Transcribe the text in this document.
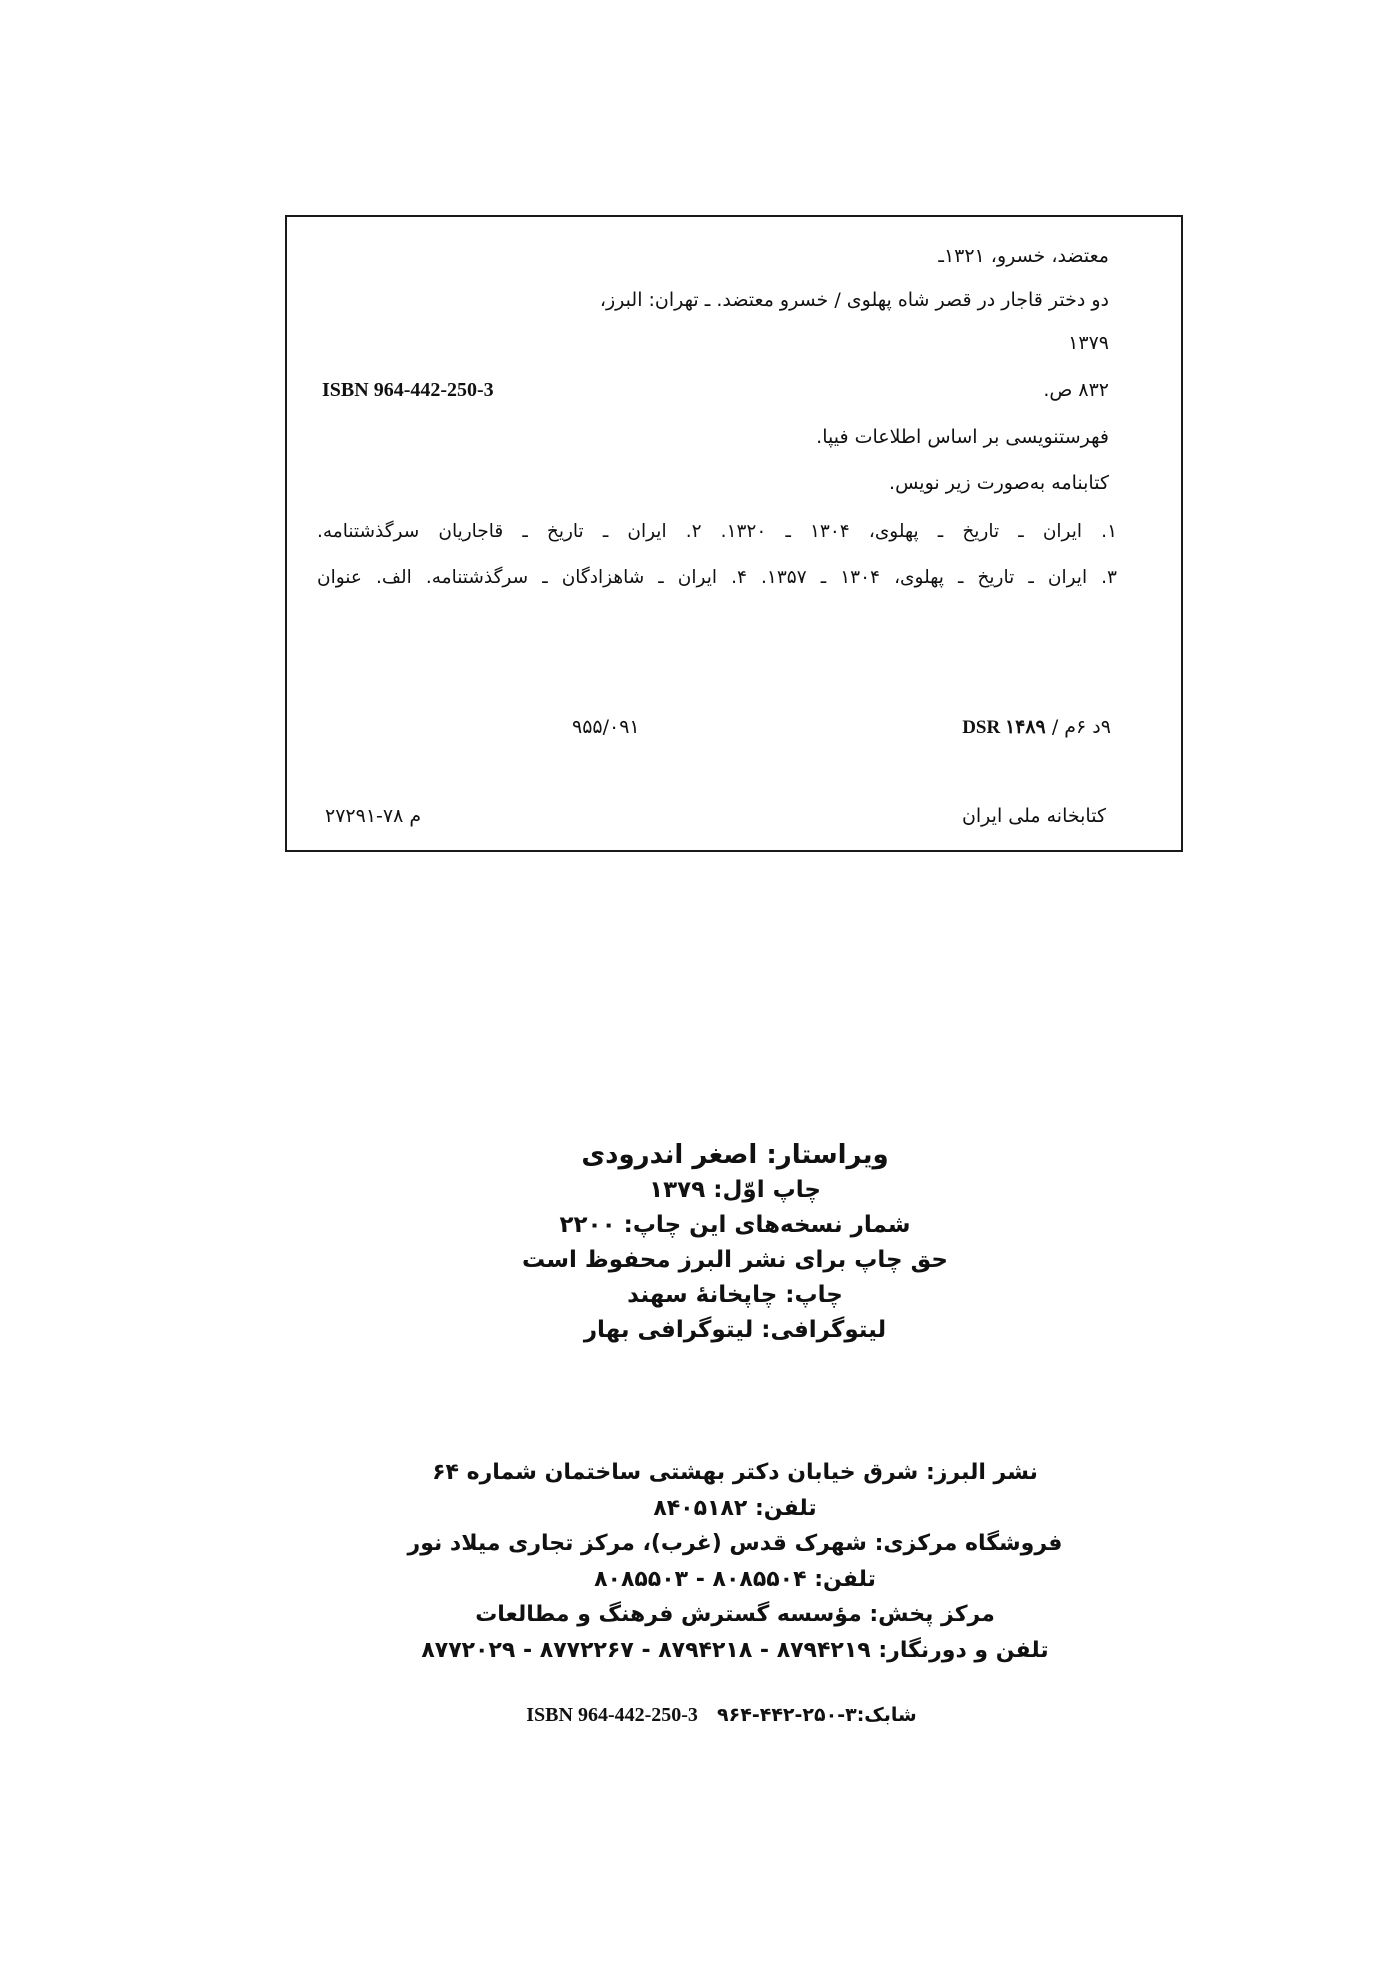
معتضد، خسرو، ۱۳۲۱ـ
دو دختر قاجار در قصر شاه پهلوی / خسرو معتضد. ـ تهران: البرز،
۱۳۷۹
۸۳۲ ص.
ISBN 964-442-250-3
فهرستنویسی بر اساس اطلاعات فیپا.
کتابنامه به‌صورت زیر نویس.
۱. ایران ـ تاریخ ـ پهلوی، ۱۳۰۴ ـ ۱۳۲۰. ۲. ایران ـ تاریخ ـ قاجاریان سرگذشتنامه.
۳. ایران ـ تاریخ ـ پهلوی، ۱۳۰۴ ـ ۱۳۵۷. ۴. ایران ـ شاهزادگان ـ سرگذشتنامه. الف. عنوان
۹د ۶م / DSR ۱۴۸۹
۹۵۵/۰۹۱
کتابخانه ملی ایران
م ۷۸-۲۷۲۹۱
ویراستار: اصغر اندرودی
چاپ اوّل: ۱۳۷۹
شمار نسخه‌های این چاپ: ۲۲۰۰
حق چاپ برای نشر البرز محفوظ است
چاپ: چاپخانهٔ سهند
لیتوگرافی: لیتوگرافی بهار
نشر البرز: شرق خیابان دکتر بهشتی ساختمان شماره ۶۴
تلفن: ۸۴۰۵۱۸۲
فروشگاه مرکزی: شهرک قدس (غرب)، مرکز تجاری میلاد نور
تلفن: ۸۰۸۵۵۰۴ - ۸۰۸۵۵۰۳
مرکز پخش: مؤسسه گسترش فرهنگ و مطالعات
تلفن و دورنگار: ۸۷۹۴۲۱۹ - ۸۷۹۴۲۱۸ - ۸۷۷۲۲۶۷ - ۸۷۷۲۰۲۹
شابک:۳-۲۵۰-۴۴۲-۹۶۴ ISBN 964-442-250-3
